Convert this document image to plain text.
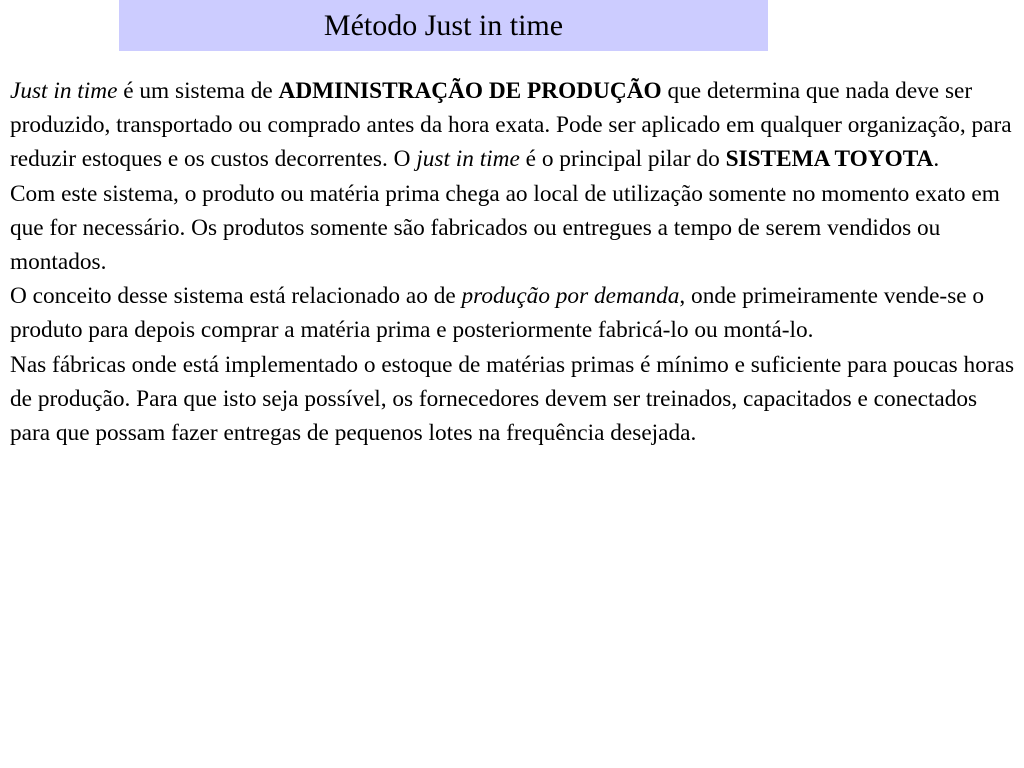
Método Just in time

Just in time é um sistema de ADMINISTRAÇÃO DE PRODUÇÃO que determina que nada deve ser produzido, transportado ou comprado antes da hora exata. Pode ser aplicado em qualquer organização, para reduzir estoques e os custos decorrentes. O just in time é o principal pilar do SISTEMA TOYOTA.

Com este sistema, o produto ou matéria prima chega ao local de utilização somente no momento exato em que for necessário. Os produtos somente são fabricados ou entregues a tempo de serem vendidos ou montados.

O conceito desse sistema está relacionado ao de produção por demanda, onde primeiramente vende-se o produto para depois comprar a matéria prima e posteriormente fabricá-lo ou montá-lo.

Nas fábricas onde está implementado o estoque de matérias primas é mínimo e suficiente para poucas horas de produção. Para que isto seja possível, os fornecedores devem ser treinados, capacitados e conectados para que possam fazer entregas de pequenos lotes na frequência desejada.
